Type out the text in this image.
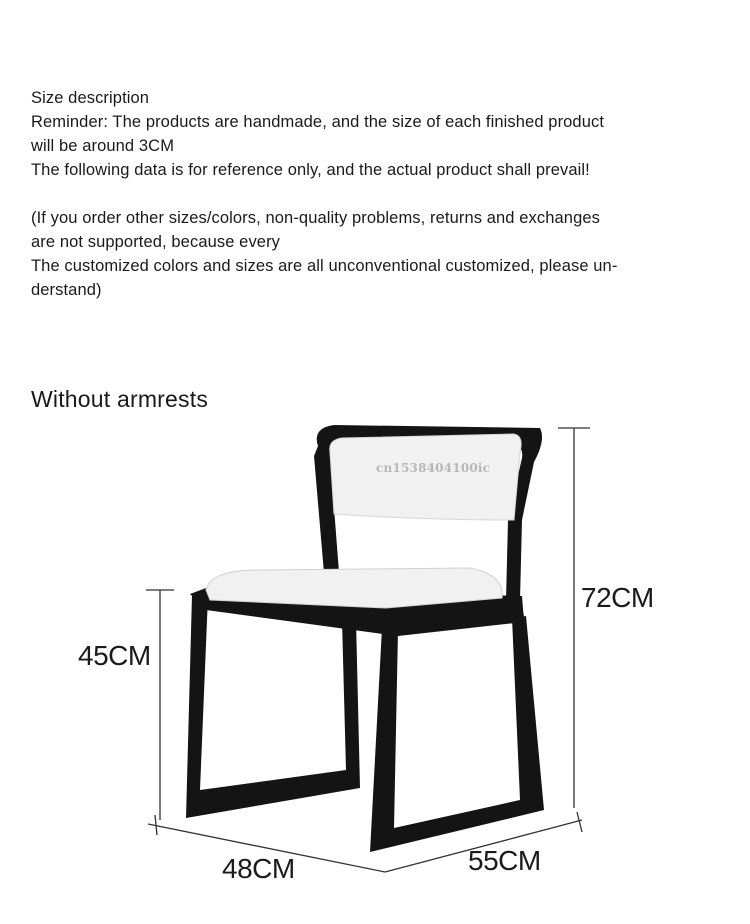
Size description

Reminder: The products are handmade, and the size of each finished product

will be around 3CM

The following data is for reference only, and the actual product shall prevail!

(If you order other sizes/colors, non-quality problems, returns and exchanges

are not supported, because every

The customized colors and sizes are all unconventional customized, please un-

derstand)

Without armrests
cn1538404100ic
45CM
72CM
48CM	55CM
